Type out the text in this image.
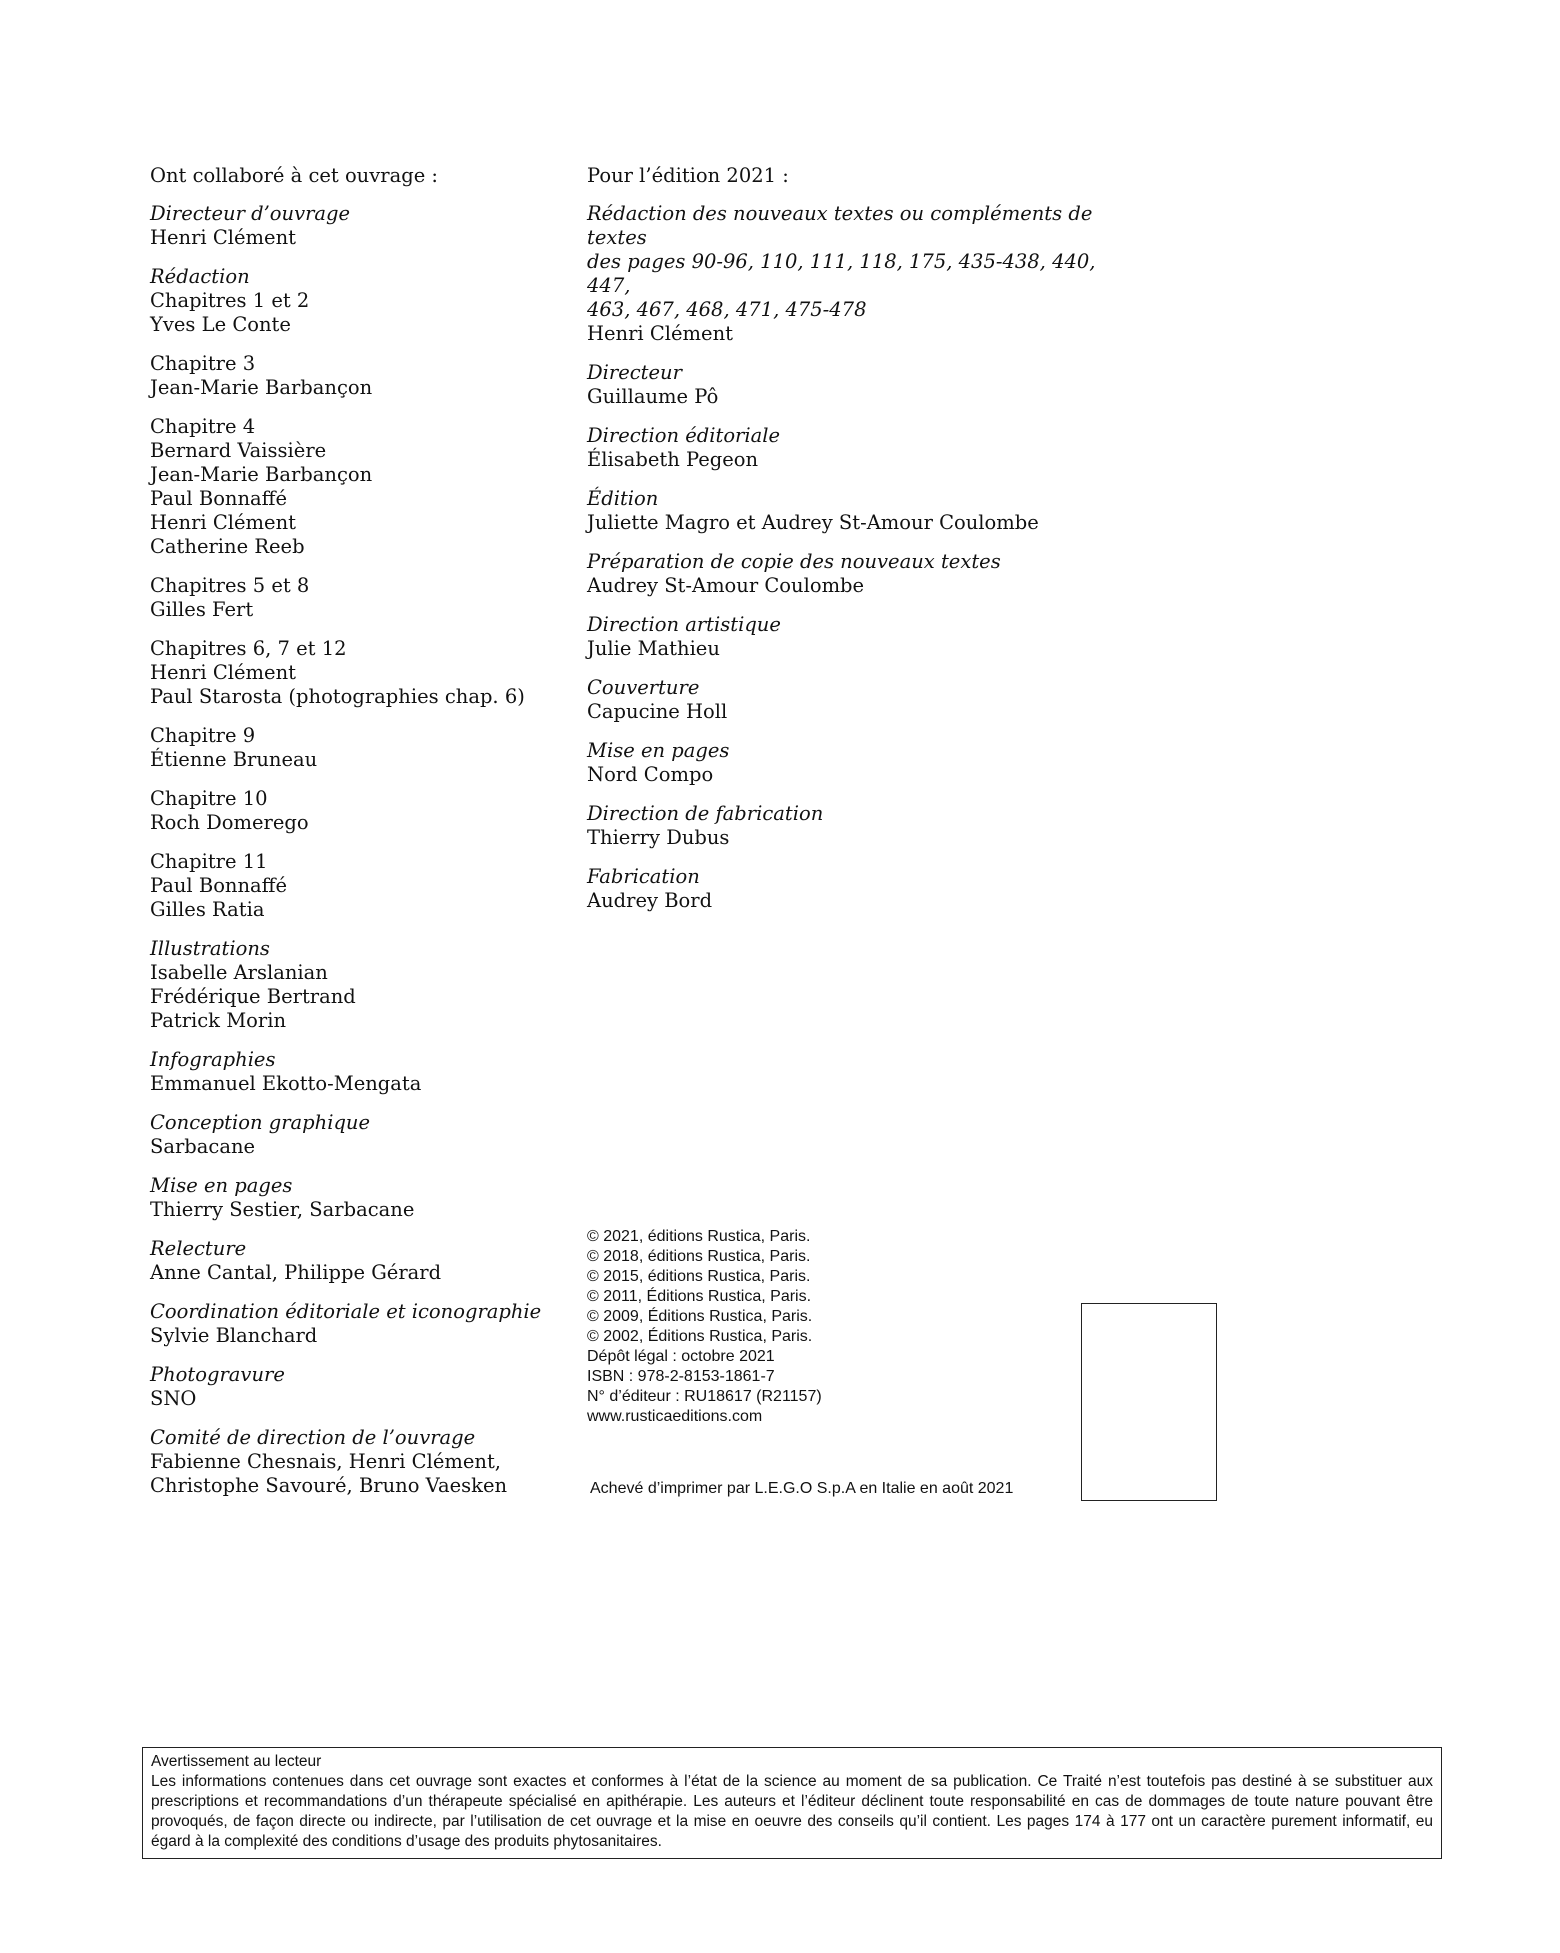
Ont collaboré à cet ouvrage :
Directeur d’ouvrage
Henri Clément
Rédaction
Chapitres 1 et 2
Yves Le Conte
Chapitre 3
Jean-Marie Barbançon
Chapitre 4
Bernard Vaissière
Jean-Marie Barbançon
Paul Bonnaffé
Henri Clément
Catherine Reeb
Chapitres 5 et 8
Gilles Fert
Chapitres 6, 7 et 12
Henri Clément
Paul Starosta (photographies chap. 6)
Chapitre 9
Étienne Bruneau
Chapitre 10
Roch Domerego
Chapitre 11
Paul Bonnaffé
Gilles Ratia
Illustrations
Isabelle Arslanian
Frédérique Bertrand
Patrick Morin
Infographies
Emmanuel Ekotto-Mengata
Conception graphique
Sarbacane
Mise en pages
Thierry Sestier, Sarbacane
Relecture
Anne Cantal, Philippe Gérard
Coordination éditoriale et iconographie
Sylvie Blanchard
Photogravure
SNO
Comité de direction de l’ouvrage
Fabienne Chesnais, Henri Clément,
Christophe Savouré, Bruno Vaesken
Pour l’édition 2021 :
Rédaction des nouveaux textes ou compléments de textes
des pages 90-96, 110, 111, 118, 175, 435-438, 440, 447,
463, 467, 468, 471, 475-478
Henri Clément
Directeur
Guillaume Pô
Direction éditoriale
Élisabeth Pegeon
Édition
Juliette Magro et Audrey St-Amour Coulombe
Préparation de copie des nouveaux textes
Audrey St-Amour Coulombe
Direction artistique
Julie Mathieu
Couverture
Capucine Holl
Mise en pages
Nord Compo
Direction de fabrication
Thierry Dubus
Fabrication
Audrey Bord
© 2021, éditions Rustica, Paris.
© 2018, éditions Rustica, Paris.
© 2015, éditions Rustica, Paris.
© 2011, Éditions Rustica, Paris.
© 2009, Éditions Rustica, Paris.
© 2002, Éditions Rustica, Paris.
Dépôt légal : octobre 2021
ISBN : 978-2-8153-1861-7
N° d’éditeur : RU18617 (R21157)
www.rusticaeditions.com
Achevé d’imprimer par L.E.G.O S.p.A en Italie en août 2021
Avertissement au lecteur
Les informations contenues dans cet ouvrage sont exactes et conformes à l’état de la science au moment de sa publication. Ce Traité n’est toutefois pas destiné à se substituer aux prescriptions et recommandations d’un thérapeute spécialisé en apithérapie. Les auteurs et l’éditeur déclinent toute responsabilité en cas de dommages de toute nature pouvant être provoqués, de façon directe ou indirecte, par l’utilisation de cet ouvrage et la mise en oeuvre des conseils qu’il contient. Les pages 174 à 177 ont un caractère purement informatif, eu égard à la complexité des conditions d’usage des produits phytosanitaires.
